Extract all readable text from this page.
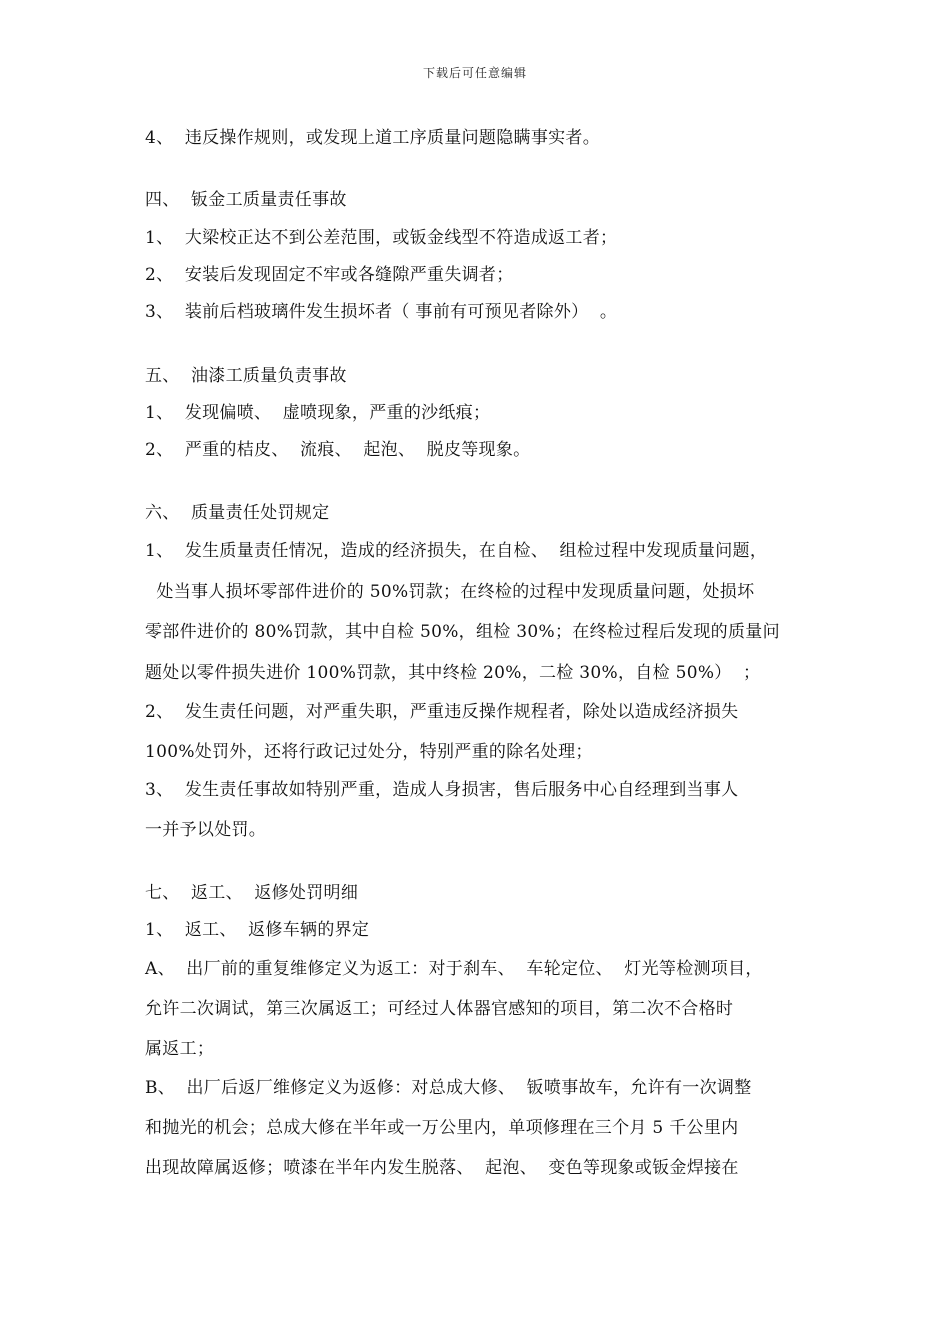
下载后可任意编辑
4、  违反操作规则，或发现上道工序质量问题隐瞒事实者。
四、  钣金工质量责任事故
1、  大梁校正达不到公差范围，或钣金线型不符造成返工者；
2、  安装后发现固定不牢或各缝隙严重失调者；
3、  装前后档玻璃件发生损坏者（ 事前有可预见者除外）  。
五、  油漆工质量负责事故
1、  发现偏喷、  虚喷现象，严重的沙纸痕；
2、  严重的桔皮、  流痕、  起泡、  脱皮等现象。
六、  质量责任处罚规定
1、  发生质量责任情况，造成的经济损失，在自检、  组检过程中发现质量问题，
处当事人损坏零部件进价的 50%罚款；在终检的过程中发现质量问题，处损坏
零部件进价的 80%罚款，其中自检 50%，组检 30%；在终检过程后发现的质量问
题处以零件损失进价 100%罚款，其中终检 20%，二检 30%，自检 50%）  ；
2、  发生责任问题，对严重失职，严重违反操作规程者，除处以造成经济损失
100%处罚外，还将行政记过处分，特别严重的除名处理；
3、  发生责任事故如特别严重，造成人身损害，售后服务中心自经理到当事人
一并予以处罚。
七、  返工、  返修处罚明细
1、  返工、  返修车辆的界定
A、  出厂前的重复维修定义为返工：对于刹车、  车轮定位、  灯光等检测项目，
允许二次调试，第三次属返工；可经过人体器官感知的项目，第二次不合格时
属返工；
B、  出厂后返厂维修定义为返修：对总成大修、  钣喷事故车，允许有一次调整
和抛光的机会；总成大修在半年或一万公里内，单项修理在三个月 5 千公里内
出现故障属返修；喷漆在半年内发生脱落、  起泡、  变色等现象或钣金焊接在
